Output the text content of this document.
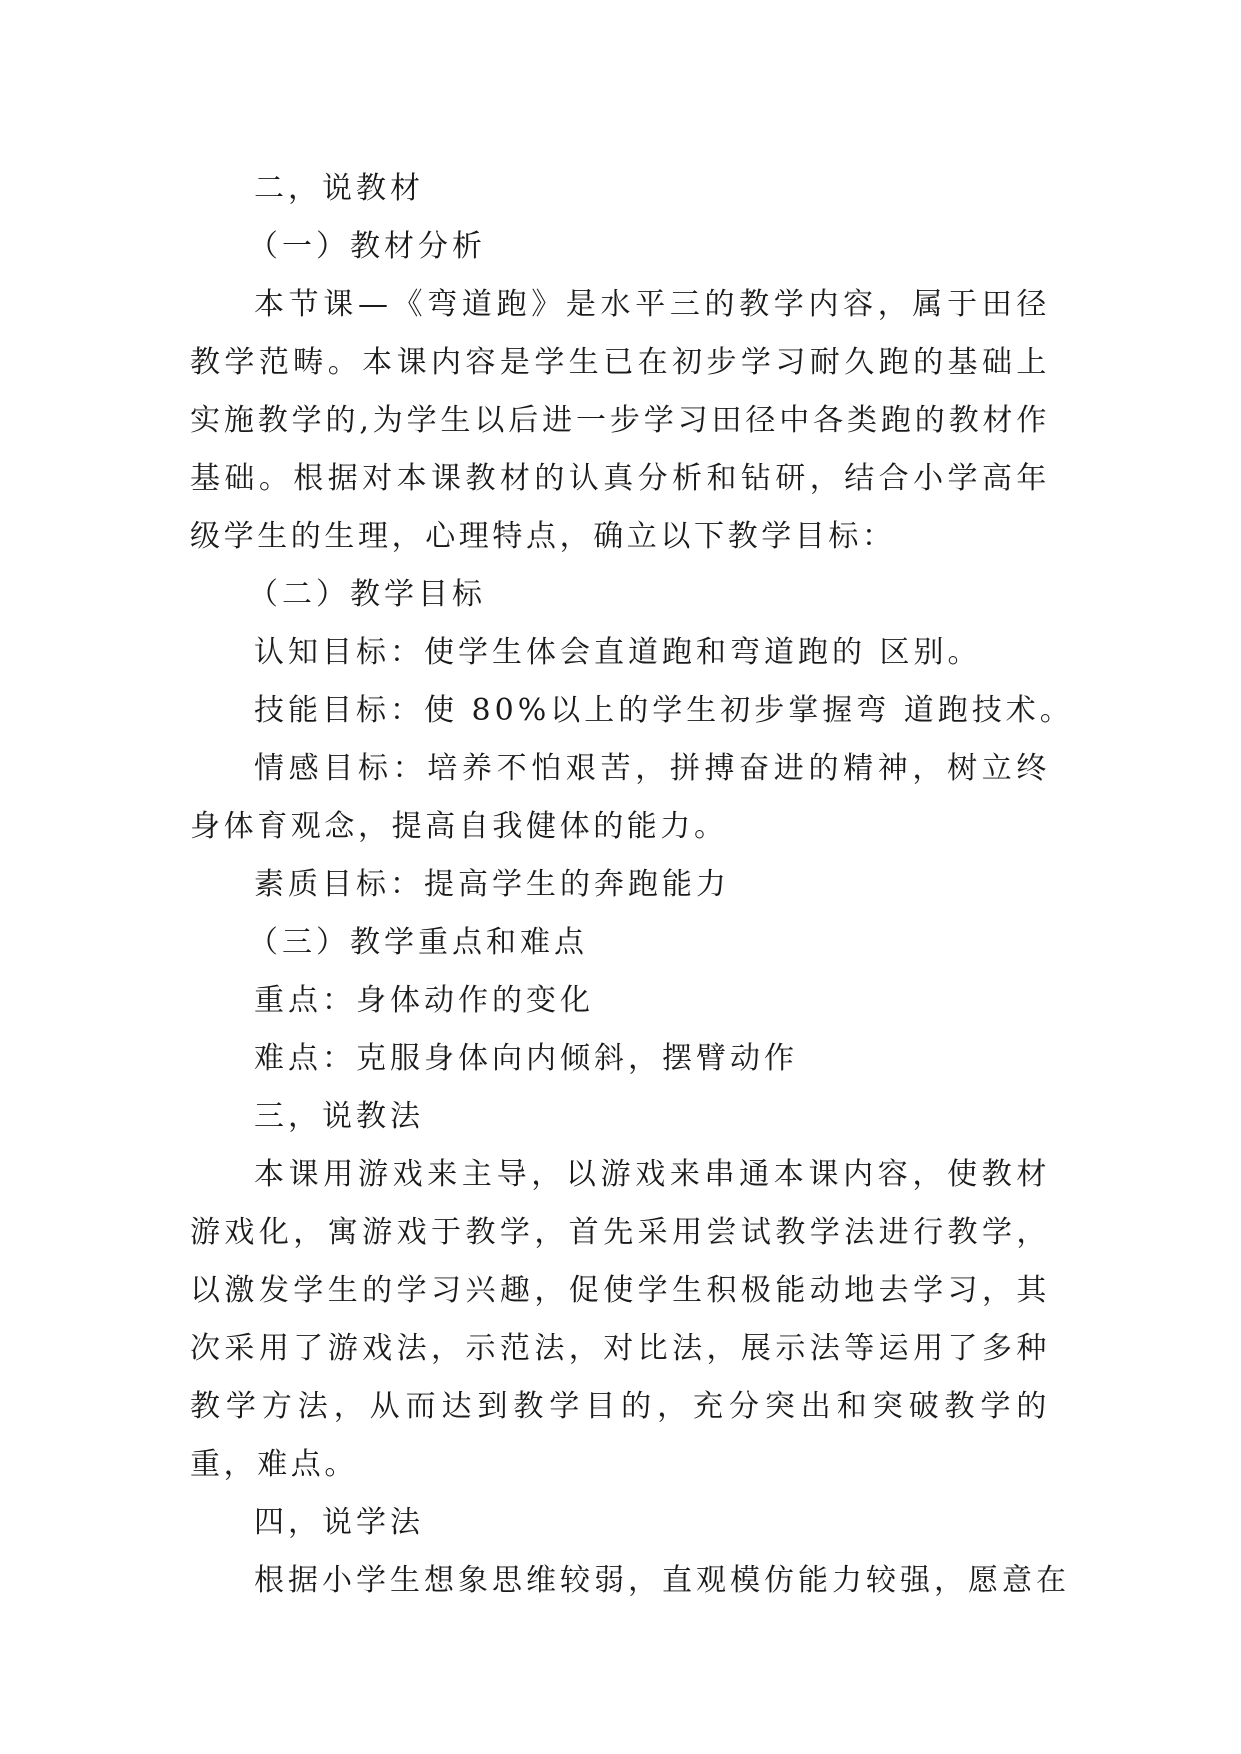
二，说教材

（一）教材分析

本节课—《弯道跑》是水平三的教学内容，属于田径教学范畴。本课内容是学生已在初步学习耐久跑的基础上实施教学的,为学生以后进一步学习田径中各类跑的教材作基础。根据对本课教材的认真分析和钻研，结合小学高年级学生的生理，心理特点，确立以下教学目标：

（二）教学目标

认知目标：使学生体会直道跑和弯道跑的 区别。

技能目标：使 80%以上的学生初步掌握弯 道跑技术。

情感目标：培养不怕艰苦，拼搏奋进的精神，树立终身体育观念，提高自我健体的能力。

素质目标：提高学生的奔跑能力

（三）教学重点和难点

重点：身体动作的变化

难点：克服身体向内倾斜，摆臂动作

三，说教法

本课用游戏来主导，以游戏来串通本课内容，使教材游戏化，寓游戏于教学，首先采用尝试教学法进行教学，以激发学生的学习兴趣，促使学生积极能动地去学习，其次采用了游戏法，示范法，对比法，展示法等运用了多种教学方法，从而达到教学目的，充分突出和突破教学的重，难点。

四，说学法

根据小学生想象思维较弱，直观模仿能力较强，愿意在
